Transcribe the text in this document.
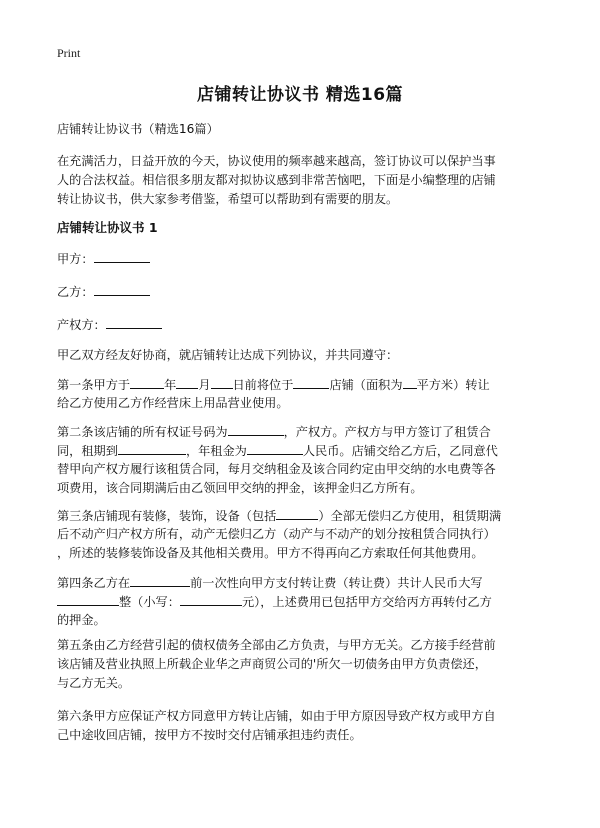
Print
店铺转让协议书 精选16篇
店铺转让协议书（精选16篇）
在充满活力，日益开放的今天，协议使用的频率越来越高，签订协议可以保护当事
人的合法权益。相信很多朋友都对拟协议感到非常苦恼吧，下面是小编整理的店铺
转让协议书，供大家参考借鉴，希望可以帮助到有需要的朋友。
店铺转让协议书 1
甲方：
乙方：
产权方：
甲乙双方经友好协商，就店铺转让达成下列协议，并共同遵守：
第一条甲方于	年 月 日前将位于	店铺（面积为 平方米）转让
给乙方使用乙方作经营床上用品营业使用。
第二条该店铺的所有权证号码为	，产权方。产权方与甲方签订了租赁合
同，租期到	，年租金为	人民币。店铺交给乙方后，乙同意代
替甲向产权方履行该租赁合同，每月交纳租金及该合同约定由甲交纳的水电费等各
项费用，该合同期满后由乙领回甲交纳的押金，该押金归乙方所有。
第三条店铺现有装修，装饰，设备（包括	）全部无偿归乙方使用，租赁期满
后不动产归产权方所有，动产无偿归乙方（动产与不动产的划分按租赁合同执行）
，所述的装修装饰设备及其他相关费用。甲方不得再向乙方索取任何其他费用。
第四条乙方在	前一次性向甲方支付转让费（转让费）共计人民币大写
整（小写：	元），上述费用已包括甲方交给丙方再转付乙方
的押金。
第五条由乙方经营引起的债权债务全部由乙方负责，与甲方无关。乙方接手经营前
该店铺及营业执照上所载企业华之声商贸公司的'所欠一切债务由甲方负责偿还，
与乙方无关。
第六条甲方应保证产权方同意甲方转让店铺，如由于甲方原因导致产权方或甲方自
己中途收回店铺，按甲方不按时交付店铺承担违约责任。
